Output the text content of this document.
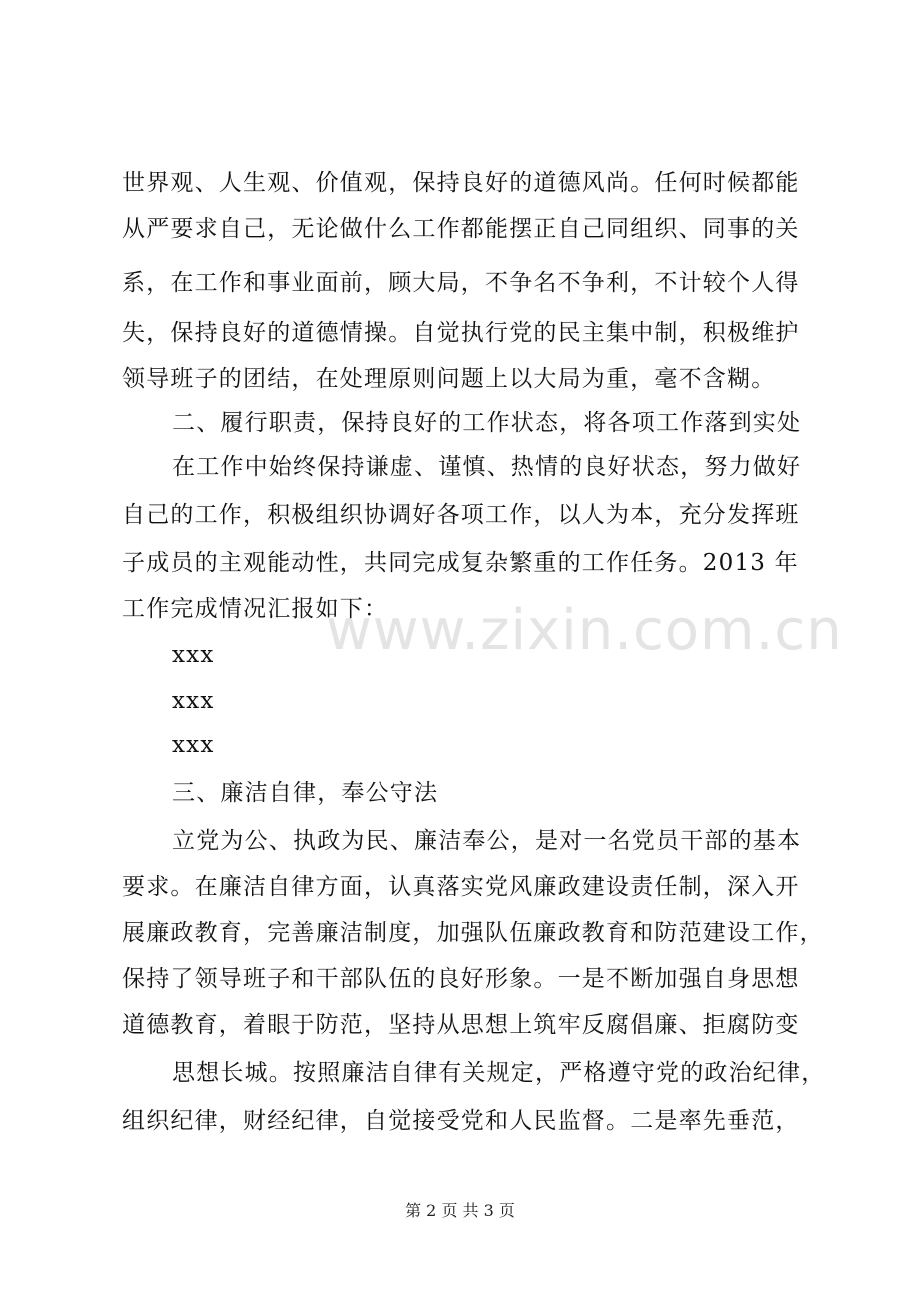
世界观、人生观、价值观，保持良好的道德风尚。任何时候都能
从严要求自己，无论做什么工作都能摆正自己同组织、同事的关
系，在工作和事业面前，顾大局，不争名不争利，不计较个人得
失，保持良好的道德情操。自觉执行党的民主集中制，积极维护
领导班子的团结，在处理原则问题上以大局为重，毫不含糊。
二、履行职责，保持良好的工作状态，将各项工作落到实处
在工作中始终保持谦虚、谨慎、热情的良好状态，努力做好
自己的工作，积极组织协调好各项工作，以人为本，充分发挥班
子成员的主观能动性，共同完成复杂繁重的工作任务。2013 年
工作完成情况汇报如下：
xxx
xxx
xxx
三、廉洁自律，奉公守法
立党为公、执政为民、廉洁奉公，是对一名党员干部的基本
要求。在廉洁自律方面，认真落实党风廉政建设责任制，深入开
展廉政教育，完善廉洁制度，加强队伍廉政教育和防范建设工作，
保持了领导班子和干部队伍的良好形象。一是不断加强自身思想
道德教育，着眼于防范，坚持从思想上筑牢反腐倡廉、拒腐防变
思想长城。按照廉洁自律有关规定，严格遵守党的政治纪律，
组织纪律，财经纪律，自觉接受党和人民监督。二是率先垂范，
www.zixin.com.cn
第 2 页 共 3 页
